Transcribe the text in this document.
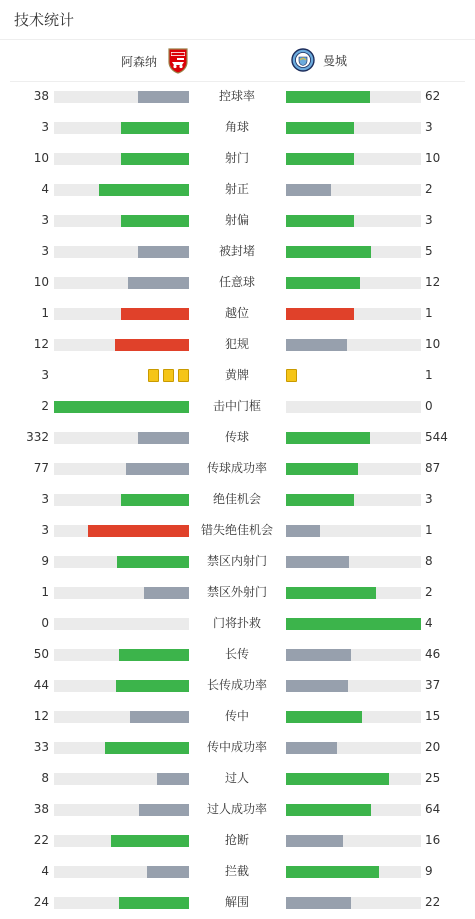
技术统计
阿森纳	曼城
38	控球率	62
3	角球	3
10	射门	10
4	射正	2
3	射偏	3
3	被封堵	5
10	任意球	12
1	越位	1
12	犯规	10
3	黄牌	1
2	击中门框	0
332	传球	544
77	传球成功率	87
3	绝佳机会	3
3	错失绝佳机会	1
9	禁区内射门	8
1	禁区外射门	2
0	门将扑救	4
50	长传	46
44	长传成功率	37
12	传中	15
33	传中成功率	20
8	过人	25
38	过人成功率	64
22	抢断	16
4	拦截	9
24	解围	22
